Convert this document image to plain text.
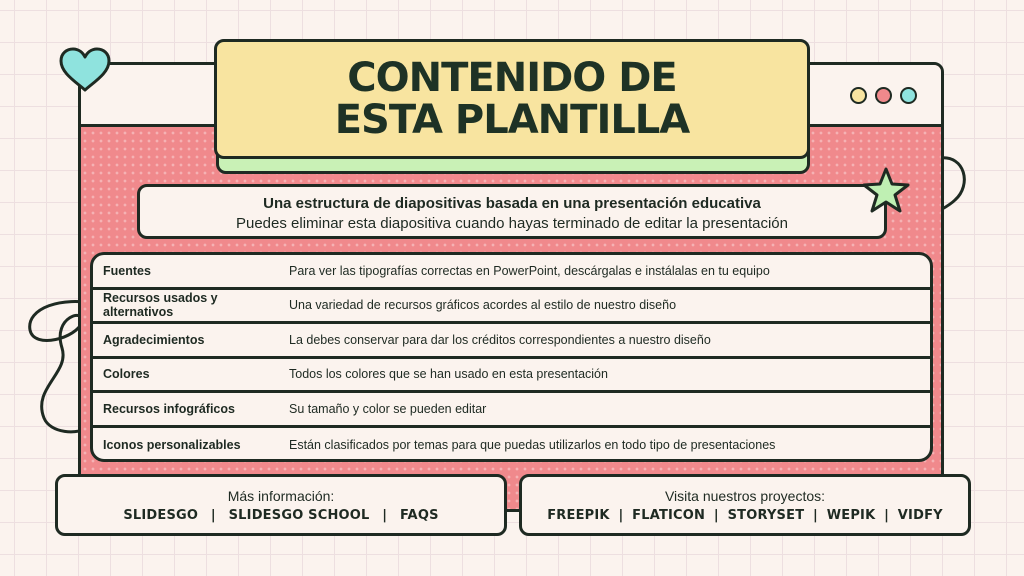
CONTENIDO DE
ESTA PLANTILLA
Una estructura de diapositivas basada en una presentación educativa
Puedes eliminar esta diapositiva cuando hayas terminado de editar la presentación
Fuentes	Para ver las tipografías correctas en PowerPoint, descárgalas e instálalas en tu equipo
Recursos usados y alternativos	Una variedad de recursos gráficos acordes al estilo de nuestro diseño
Agradecimientos	La debes conservar para dar los créditos correspondientes a nuestro diseño
Colores	Todos los colores que se han usado en esta presentación
Recursos infográficos	Su tamaño y color se pueden editar
Iconos personalizables	Están clasificados por temas para que puedas utilizarlos en todo tipo de presentaciones
Más información:
SLIDESGO | SLIDESGO SCHOOL | FAQS
Visita nuestros proyectos:
FREEPIK | FLATICON | STORYSET | WEPIK | VIDFY
